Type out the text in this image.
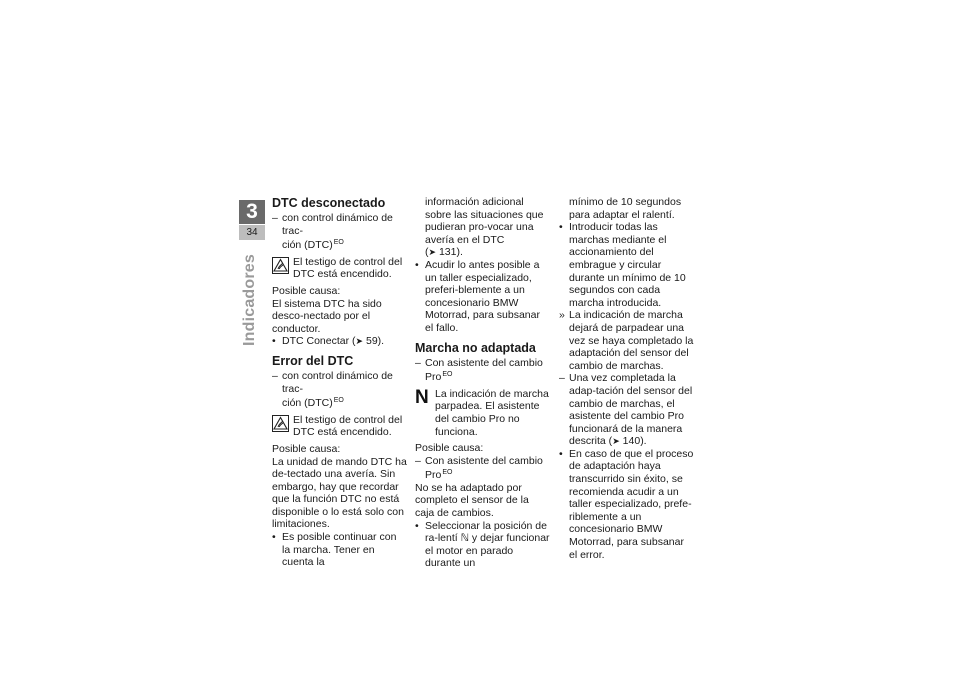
3
34
Indicadores
DTC desconectado
– con control dinámico de trac-
ción (DTC)$^{EO}$
El testigo de control del DTC está encendido.

Posible causa:

El sistema DTC ha sido desco-nectado por el conductor.

• DTC Conectar (➤ 59).
Error del DTC
– con control dinámico de trac-
ción (DTC)$^{EO}$
El testigo de control del DTC está encendido.

Posible causa:

La unidad de mando DTC ha de-tectado una avería. Sin embargo, hay que recordar que la función DTC no está disponible o lo está solo con limitaciones.

• Es posible continuar con la marcha. Tener en cuenta la

información adicional sobre las situaciones que pudieran pro-vocar una avería en el DTC
(➤ 131).

• Acudir lo antes posible a un taller especializado, preferi-blemente a un concesionario BMW Motorrad, para subsanar el fallo.
Marcha no adaptada
– Con asistente del cambio
Pro$^{EO}$
N La indicación de marcha parpadea. El asistente del cambio Pro no funciona.

Posible causa:

– Con asistente del cambio
Pro$^{EO}$

No se ha adaptado por completo el sensor de la caja de cambios.

• Seleccionar la posición de ra-lentí ℕ y dejar funcionar el motor en parado durante un

mínimo de 10 segundos para adaptar el ralentí.

• Introducir todas las marchas mediante el accionamiento del embrague y circular durante un mínimo de 10 segundos con cada marcha introducida.
» La indicación de marcha dejará de parpadear una vez se haya completado la adaptación del sensor del cambio de marchas.
– Una vez completada la adap-tación del sensor del cambio de marchas, el asistente del cambio Pro funcionará de la manera descrita (➤ 140).
• En caso de que el proceso de adaptación haya transcurrido sin éxito, se recomienda acudir a un taller especializado, prefe-riblemente a un concesionario BMW Motorrad, para subsanar el error.
